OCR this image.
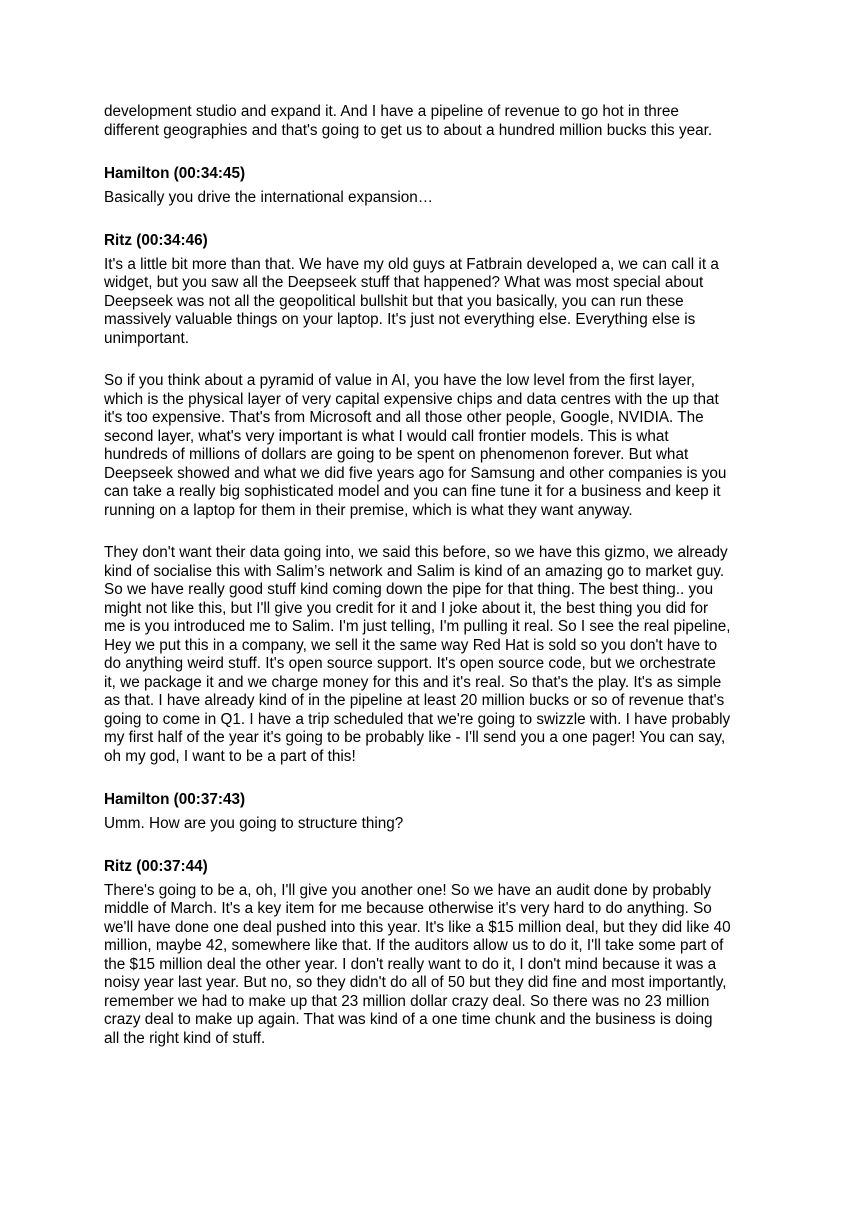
development studio and expand it. And I have a pipeline of revenue to go hot in three
different geographies and that's going to get us to about a hundred million bucks this year.

Hamilton (00:34:45)

Basically you drive the international expansion…

Ritz (00:34:46)

It's a little bit more than that. We have my old guys at Fatbrain developed a, we can call it a
widget, but you saw all the Deepseek stuff that happened? What was most special about
Deepseek was not all the geopolitical bullshit but that you basically, you can run these
massively valuable things on your laptop. It's just not everything else. Everything else is
unimportant.
So if you think about a pyramid of value in AI, you have the low level from the first layer,
which is the physical layer of very capital expensive chips and data centres with the up that
it's too expensive. That's from Microsoft and all those other people, Google, NVIDIA. The
second layer, what's very important is what I would call frontier models. This is what
hundreds of millions of dollars are going to be spent on phenomenon forever. But what
Deepseek showed and what we did five years ago for Samsung and other companies is you
can take a really big sophisticated model and you can fine tune it for a business and keep it
running on a laptop for them in their premise, which is what they want anyway.
They don't want their data going into, we said this before, so we have this gizmo, we already
kind of socialise this with Salim’s network and Salim is kind of an amazing go to market guy.
So we have really good stuff kind coming down the pipe for that thing. The best thing.. you
might not like this, but I'll give you credit for it and I joke about it, the best thing you did for
me is you introduced me to Salim. I'm just telling, I'm pulling it real. So I see the real pipeline,
Hey we put this in a company, we sell it the same way Red Hat is sold so you don't have to
do anything weird stuff. It's open source support. It's open source code, but we orchestrate
it, we package it and we charge money for this and it's real. So that's the play. It's as simple
as that. I have already kind of in the pipeline at least 20 million bucks or so of revenue that's
going to come in Q1. I have a trip scheduled that we're going to swizzle with. I have probably
my first half of the year it's going to be probably like - I'll send you a one pager! You can say,
oh my god, I want to be a part of this!

Hamilton (00:37:43)

Umm. How are you going to structure thing?

Ritz (00:37:44)

There's going to be a, oh, I'll give you another one! So we have an audit done by probably
middle of March. It's a key item for me because otherwise it's very hard to do anything. So
we'll have done one deal pushed into this year. It's like a $15 million deal, but they did like 40
million, maybe 42, somewhere like that. If the auditors allow us to do it, I'll take some part of
the $15 million deal the other year. I don't really want to do it, I don't mind because it was a
noisy year last year. But no, so they didn't do all of 50 but they did fine and most importantly,
remember we had to make up that 23 million dollar crazy deal. So there was no 23 million
crazy deal to make up again. That was kind of a one time chunk and the business is doing
all the right kind of stuff.
